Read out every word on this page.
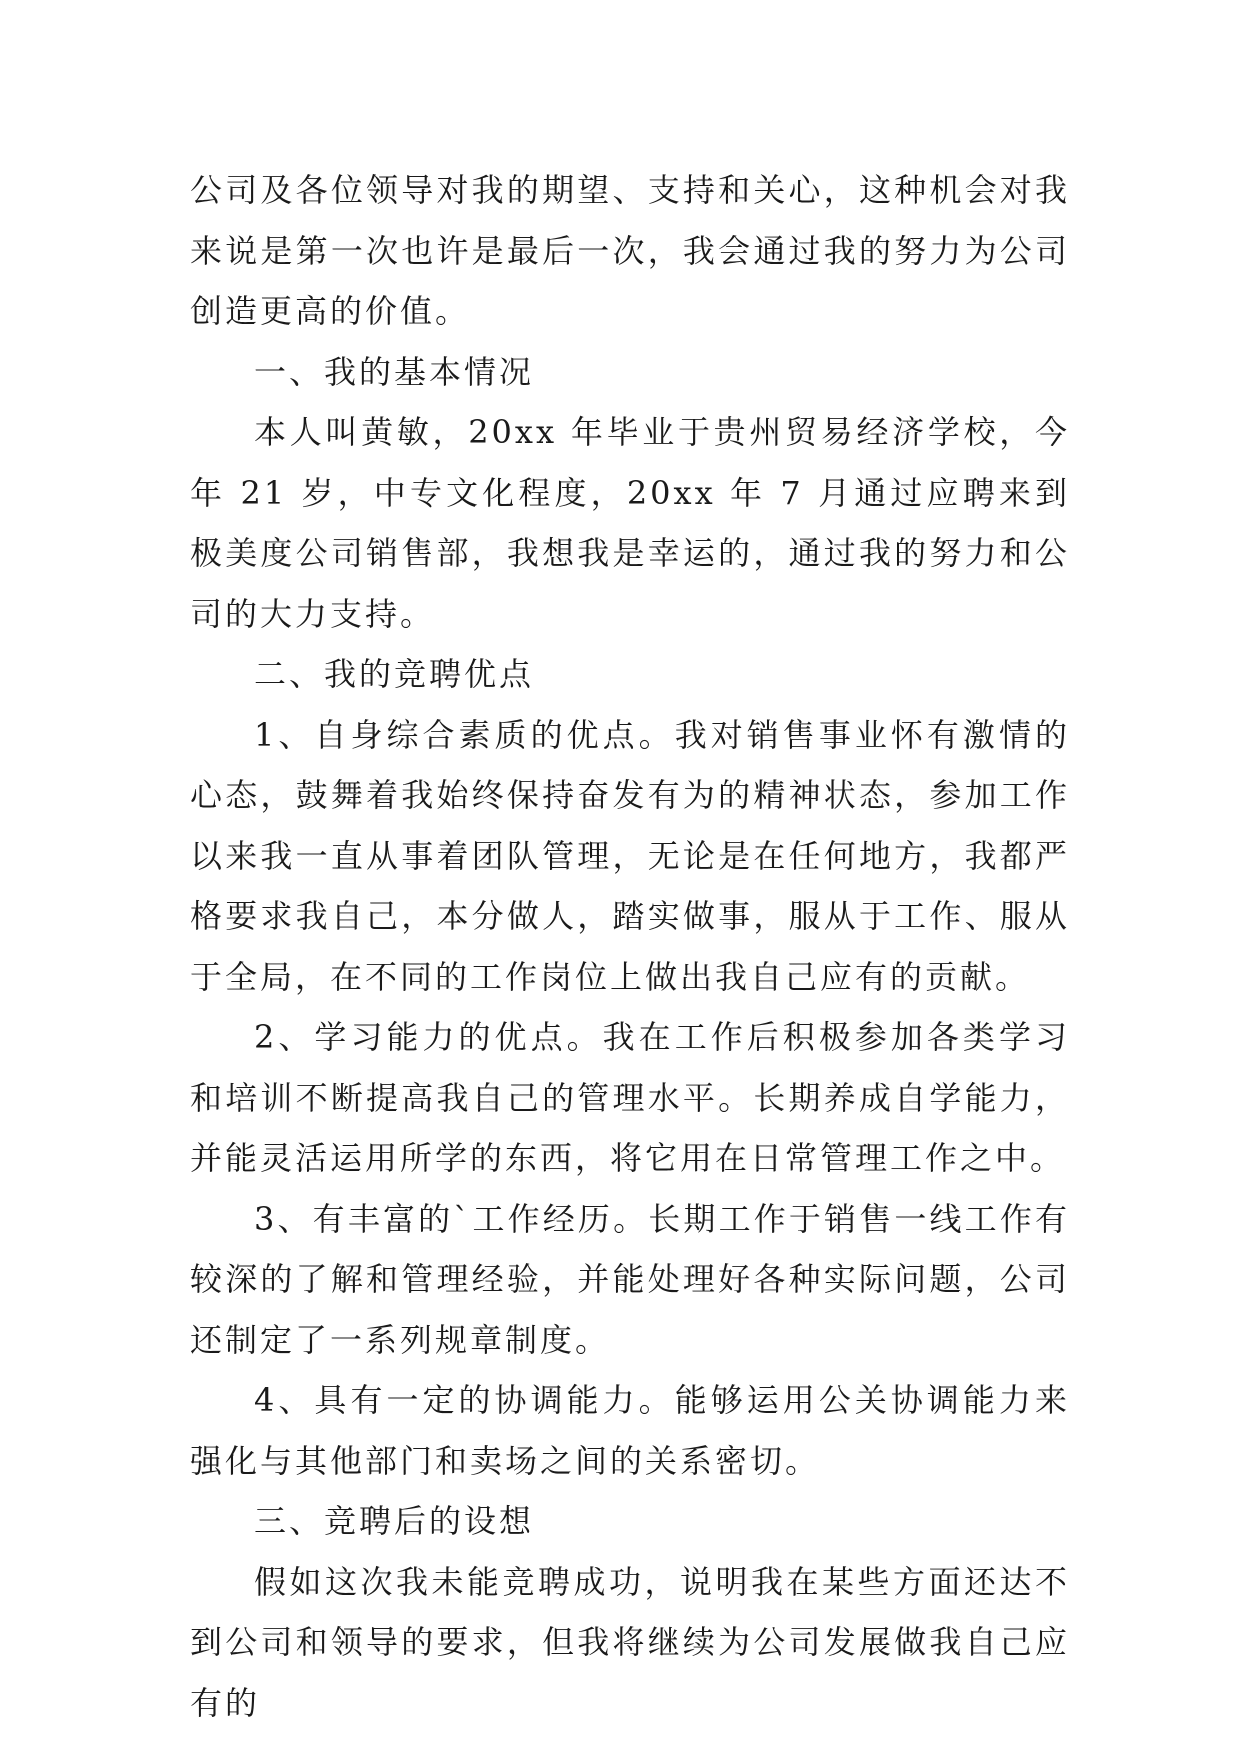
公司及各位领导对我的期望、支持和关心，这种机会对我来说是第一次也许是最后一次，我会通过我的努力为公司创造更高的价值。

一、我的基本情况

本人叫黄敏，20xx 年毕业于贵州贸易经济学校，今年 21 岁，中专文化程度，20xx 年 7 月通过应聘来到极美度公司销售部，我想我是幸运的，通过我的努力和公司的大力支持。

二、我的竞聘优点

1、自身综合素质的优点。我对销售事业怀有激情的心态，鼓舞着我始终保持奋发有为的精神状态，参加工作以来我一直从事着团队管理，无论是在任何地方，我都严格要求我自己，本分做人，踏实做事，服从于工作、服从于全局，在不同的工作岗位上做出我自己应有的贡献。

2、学习能力的优点。我在工作后积极参加各类学习和培训不断提高我自己的管理水平。长期养成自学能力，并能灵活运用所学的东西，将它用在日常管理工作之中。

3、有丰富的`工作经历。长期工作于销售一线工作有较深的了解和管理经验，并能处理好各种实际问题，公司还制定了一系列规章制度。

4、具有一定的协调能力。能够运用公关协调能力来强化与其他部门和卖场之间的关系密切。

三、竞聘后的设想

假如这次我未能竞聘成功，说明我在某些方面还达不到公司和领导的要求，但我将继续为公司发展做我自己应有的
